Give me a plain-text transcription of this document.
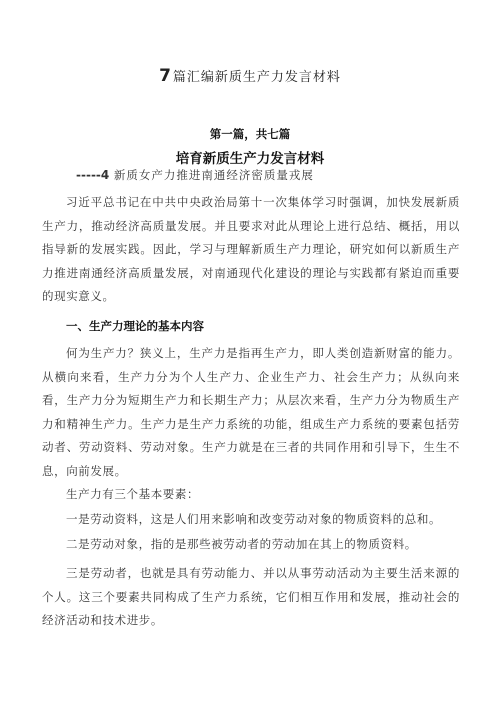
7篇汇编新质生产力发言材料
第一篇，共七篇
培育新质生产力发言材料
-----4 新质女产力推进南通经济密质量戎展

习近平总书记在中共中央政治局第十一次集体学习时强调，加快发展新质生产力，推动经济高质量发展。并且要求对此从理论上进行总结、概括，用以指导新的发展实践。因此，学习与理解新质生产力理论，研究如何以新质生产力推进南通经济高质量发展，对南通现代化建设的理论与实践都有紧迫而重要的现实意义。

一、生产力理论的基本内容

何为生产力？狭义上，生产力是指再生产力，即人类创造新财富的能力。从横向来看，生产力分为个人生产力、企业生产力、社会生产力；从纵向来看，生产力分为短期生产力和长期生产力；从层次来看，生产力分为物质生产力和精神生产力。生产力是生产力系统的功能，组成生产力系统的要素包括劳动者、劳动资料、劳动对象。生产力就是在三者的共同作用和引导下，生生不息，向前发展。

生产力有三个基本要素：

一是劳动资料，这是人们用来影响和改变劳动对象的物质资料的总和。

二是劳动对象，指的是那些被劳动者的劳动加在其上的物质资料。

三是劳动者，也就是具有劳动能力、并以从事劳动活动为主要生活来源的个人。这三个要素共同构成了生产力系统，它们相互作用和发展，推动社会的经济活动和技术进步。
